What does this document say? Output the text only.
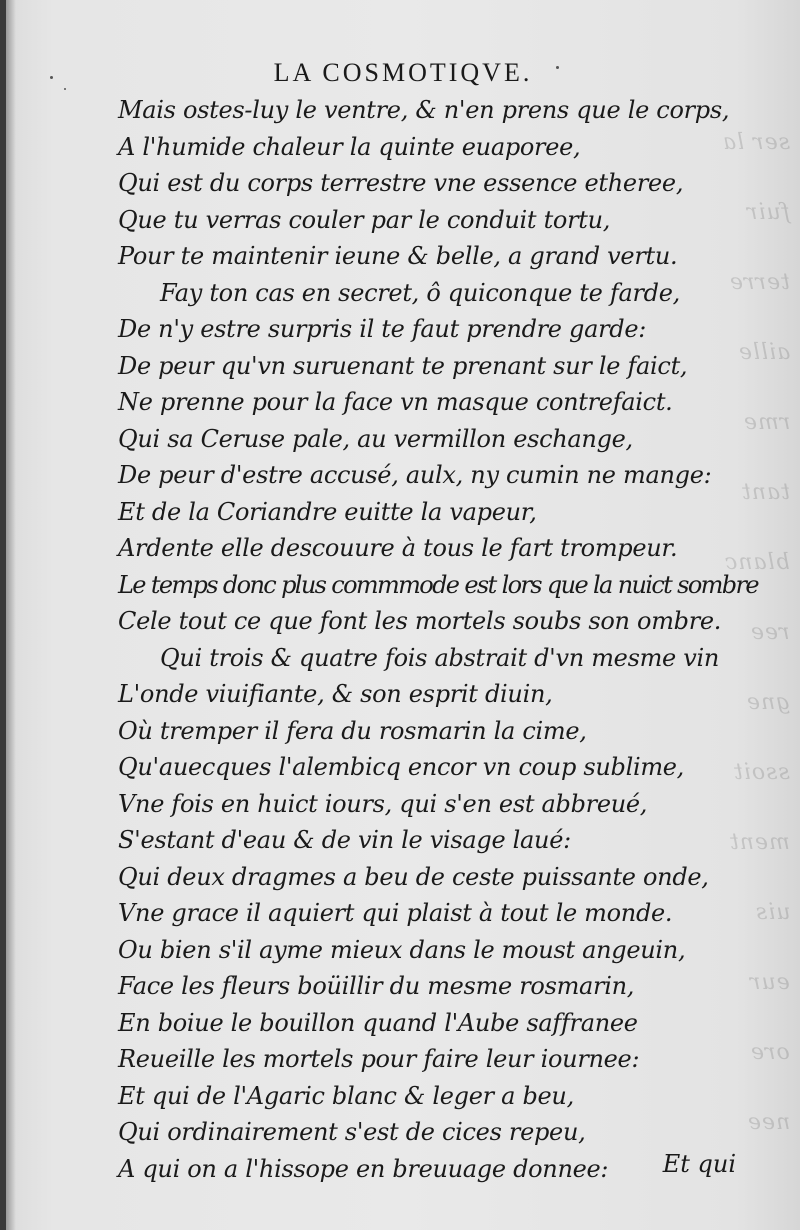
ser la
fuir
terre
aille
rme
tant
blanc
ree
gne
ssoit
ment
uis
eur
ore
nee
LA COSMOTIQVE.
Mais ostes-luy le ventre, & n'en prens que le corps,
A l'humide chaleur la quinte euaporee,
Qui est du corps terrestre vne essence etheree,
Que tu verras couler par le conduit tortu,
Pour te maintenir ieune & belle, a grand vertu.
Fay ton cas en secret, ô quiconque te farde,
De n'y estre surpris il te faut prendre garde:
De peur qu'vn suruenant te prenant sur le faict,
Ne prenne pour la face vn masque contrefaict.
Qui sa Ceruse pale, au vermillon eschange,
De peur d'estre accusé, aulx, ny cumin ne mange:
Et de la Coriandre euitte la vapeur,
Ardente elle descouure à tous le fart trompeur.
Le temps donc plus commmode est lors que la nuict sombre
Cele tout ce que font les mortels soubs son ombre.
Qui trois & quatre fois abstrait d'vn mesme vin
L'onde viuifiante, & son esprit diuin,
Où tremper il fera du rosmarin la cime,
Qu'auecques l'alembicq encor vn coup sublime,
Vne fois en huict iours, qui s'en est abbreué,
S'estant d'eau & de vin le visage laué:
Qui deux dragmes a beu de ceste puissante onde,
Vne grace il aquiert qui plaist à tout le monde.
Ou bien s'il ayme mieux dans le moust angeuin,
Face les fleurs boüillir du mesme rosmarin,
En boiue le bouillon quand l'Aube saffranee
Reueille les mortels pour faire leur iournee:
Et qui de l'Agaric blanc & leger a beu,
Qui ordinairement s'est de cices repeu,
A qui on a l'hissope en breuuage donnee:	Et qui
